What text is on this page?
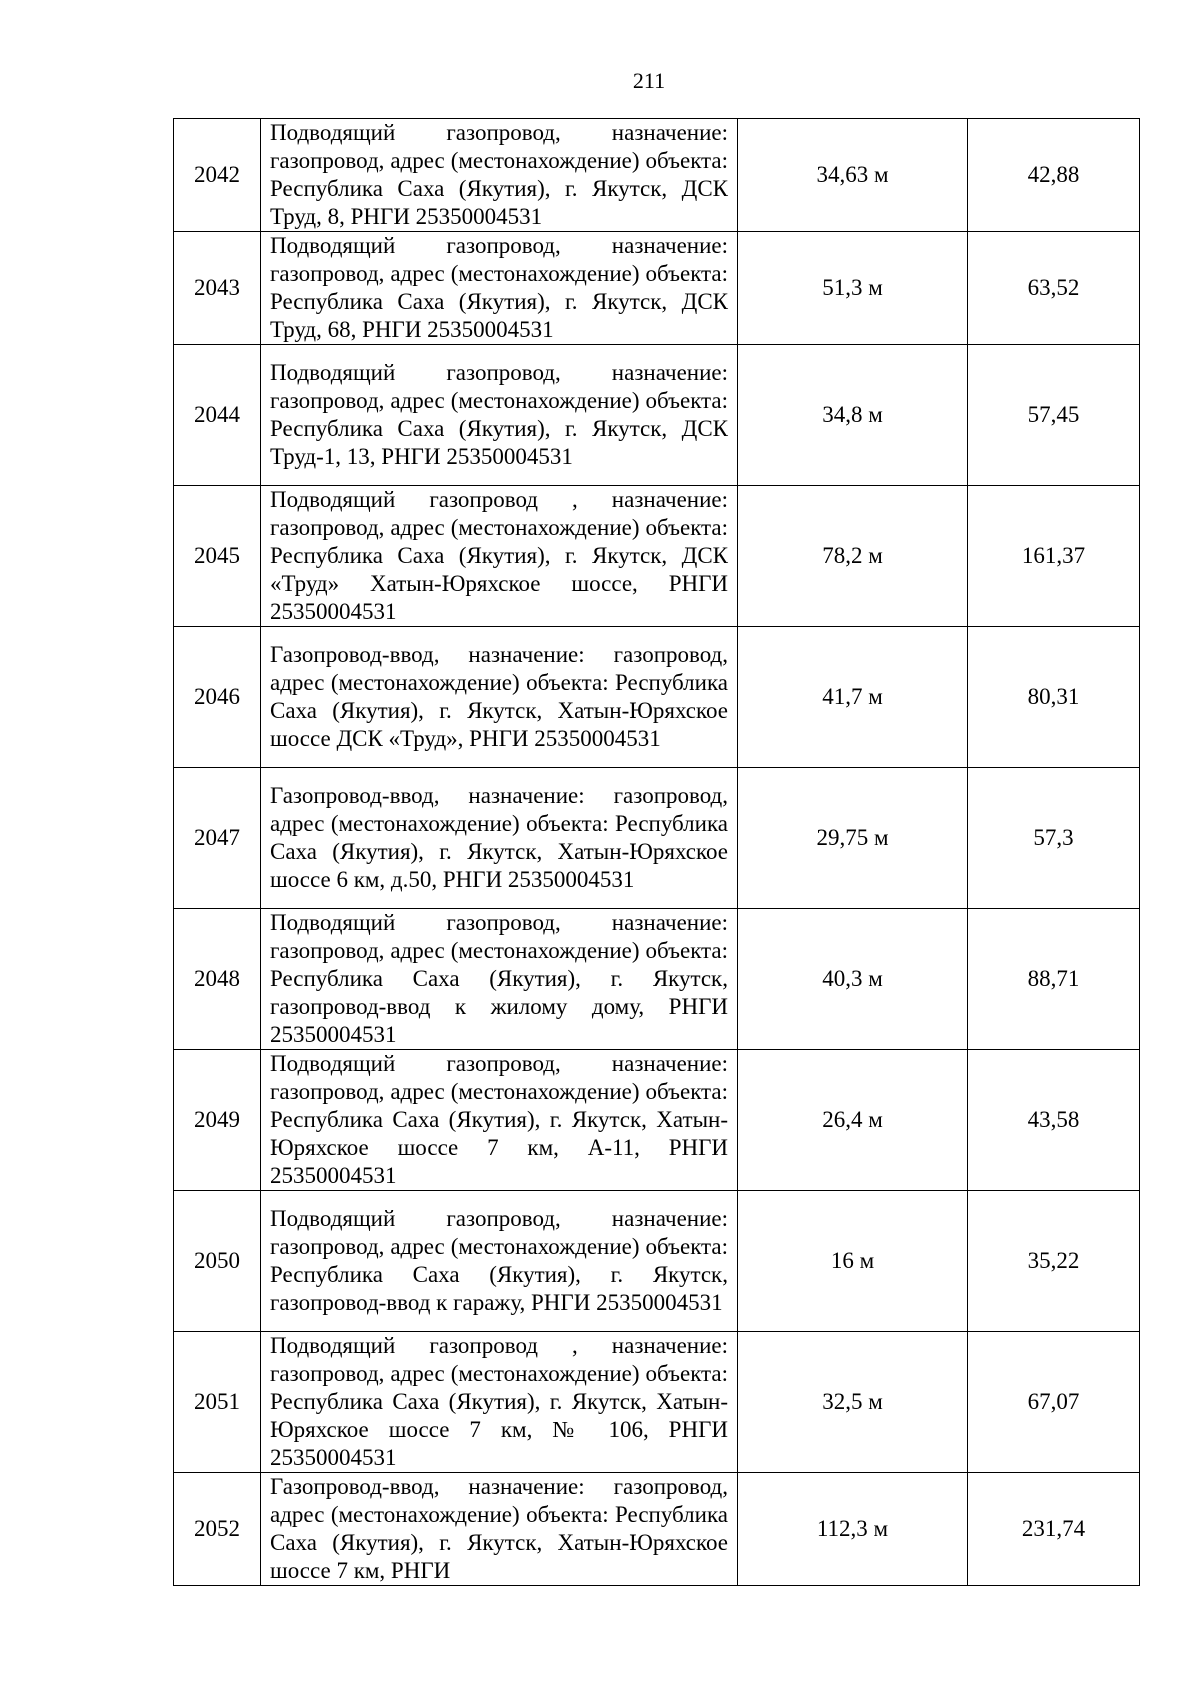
211
2042	Подводящий газопровод, назначение: газопровод, адрес (местонахождение) объекта: Республика Саха (Якутия), г. Якутск, ДСК Труд, 8, РНГИ 25350004531	34,63 м	42,88
2043	Подводящий газопровод, назначение: газопровод, адрес (местонахождение) объекта: Республика Саха (Якутия), г. Якутск, ДСК Труд, 68, РНГИ 25350004531	51,3 м	63,52
2044	Подводящий газопровод, назначение: газопровод, адрес (местонахождение) объекта: Республика Саха (Якутия), г. Якутск, ДСК Труд-1, 13, РНГИ 25350004531	34,8 м	57,45
2045	Подводящий газопровод , назначение: газопровод, адрес (местонахождение) объекта: Республика Саха (Якутия), г. Якутск, ДСК «Труд» Хатын-Юряхское шоссе, РНГИ 25350004531	78,2 м	161,37
2046	Газопровод-ввод, назначение: газопровод, адрес (местонахождение) объекта: Республика Саха (Якутия), г. Якутск, Хатын-Юряхское шоссе ДСК «Труд», РНГИ 25350004531	41,7 м	80,31
2047	Газопровод-ввод, назначение: газопровод, адрес (местонахождение) объекта: Республика Саха (Якутия), г. Якутск, Хатын-Юряхское шоссе 6 км, д.50, РНГИ 25350004531	29,75 м	57,3
2048	Подводящий газопровод, назначение: газопровод, адрес (местонахождение) объекта: Республика Саха (Якутия), г. Якутск, газопровод-ввод к жилому дому, РНГИ 25350004531	40,3 м	88,71
2049	Подводящий газопровод, назначение: газопровод, адрес (местонахождение) объекта: Республика Саха (Якутия), г. Якутск, Хатын-Юряхское шоссе 7 км, А-11, РНГИ 25350004531	26,4 м	43,58
2050	Подводящий газопровод, назначение: газопровод, адрес (местонахождение) объекта: Республика Саха (Якутия), г. Якутск, газопровод-ввод к гаражу, РНГИ 25350004531	16 м	35,22
2051	Подводящий газопровод , назначение: газопровод, адрес (местонахождение) объекта: Республика Саха (Якутия), г. Якутск, Хатын-Юряхское шоссе 7 км, № 106, РНГИ 25350004531	32,5 м	67,07
2052	Газопровод-ввод, назначение: газопровод, адрес (местонахождение) объекта: Республика Саха (Якутия), г. Якутск, Хатын-Юряхское шоссе 7 км, РНГИ	112,3 м	231,74
